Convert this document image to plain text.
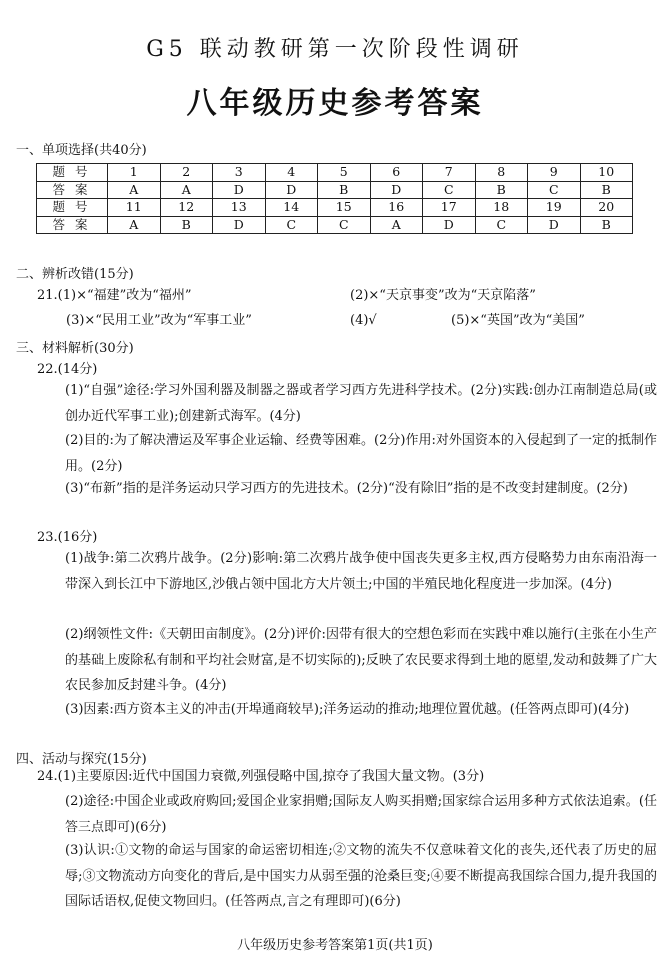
G5 联动教研第一次阶段性调研
八年级历史参考答案
一、单项选择(共40分)
题号	1	2	3	4	5	6	7	8	9	10
答案	A	A	D	D	B	D	C	B	C	B
题号	11	12	13	14	15	16	17	18	19	20
答案	A	B	D	C	C	A	D	C	D	B
二、辨析改错(15分)
21.(1)×“福建”改为“福州”	(2)×“天京事变”改为“天京陷落”
(3)×“民用工业”改为“军事工业”	(4)√	(5)×“英国”改为“美国”
三、材料解析(30分)
22.(14分)
(1)“自强”途径:学习外国利器及制器之器或者学习西方先进科学技术。(2分)实践:创办江南制造总局(或创办近代军事工业);创建新式海军。(4分)
(2)目的:为了解决漕运及军事企业运输、经费等困难。(2分)作用:对外国资本的入侵起到了一定的抵制作用。(2分)
(3)“布新”指的是洋务运动只学习西方的先进技术。(2分)“没有除旧”指的是不改变封建制度。(2分)
23.(16分)
(1)战争:第二次鸦片战争。(2分)影响:第二次鸦片战争使中国丧失更多主权,西方侵略势力由东南沿海一带深入到长江中下游地区,沙俄占领中国北方大片领土;中国的半殖民地化程度进一步加深。(4分)
(2)纲领性文件:《天朝田亩制度》。(2分)评价:因带有很大的空想色彩而在实践中难以施行(主张在小生产的基础上废除私有制和平均社会财富,是不切实际的);反映了农民要求得到土地的愿望,发动和鼓舞了广大农民参加反封建斗争。(4分)
(3)因素:西方资本主义的冲击(开埠通商较早);洋务运动的推动;地理位置优越。(任答两点即可)(4分)
四、活动与探究(15分)
24.(1)主要原因:近代中国国力衰微,列强侵略中国,掠夺了我国大量文物。(3分)
(2)途径:中国企业或政府购回;爱国企业家捐赠;国际友人购买捐赠;国家综合运用多种方式依法追索。(任答三点即可)(6分)
(3)认识:①文物的命运与国家的命运密切相连;②文物的流失不仅意味着文化的丧失,还代表了历史的屈辱;③文物流动方向变化的背后,是中国实力从弱至强的沧桑巨变;④要不断提高我国综合国力,提升我国的国际话语权,促使文物回归。(任答两点,言之有理即可)(6分)
八年级历史参考答案第1页(共1页)
